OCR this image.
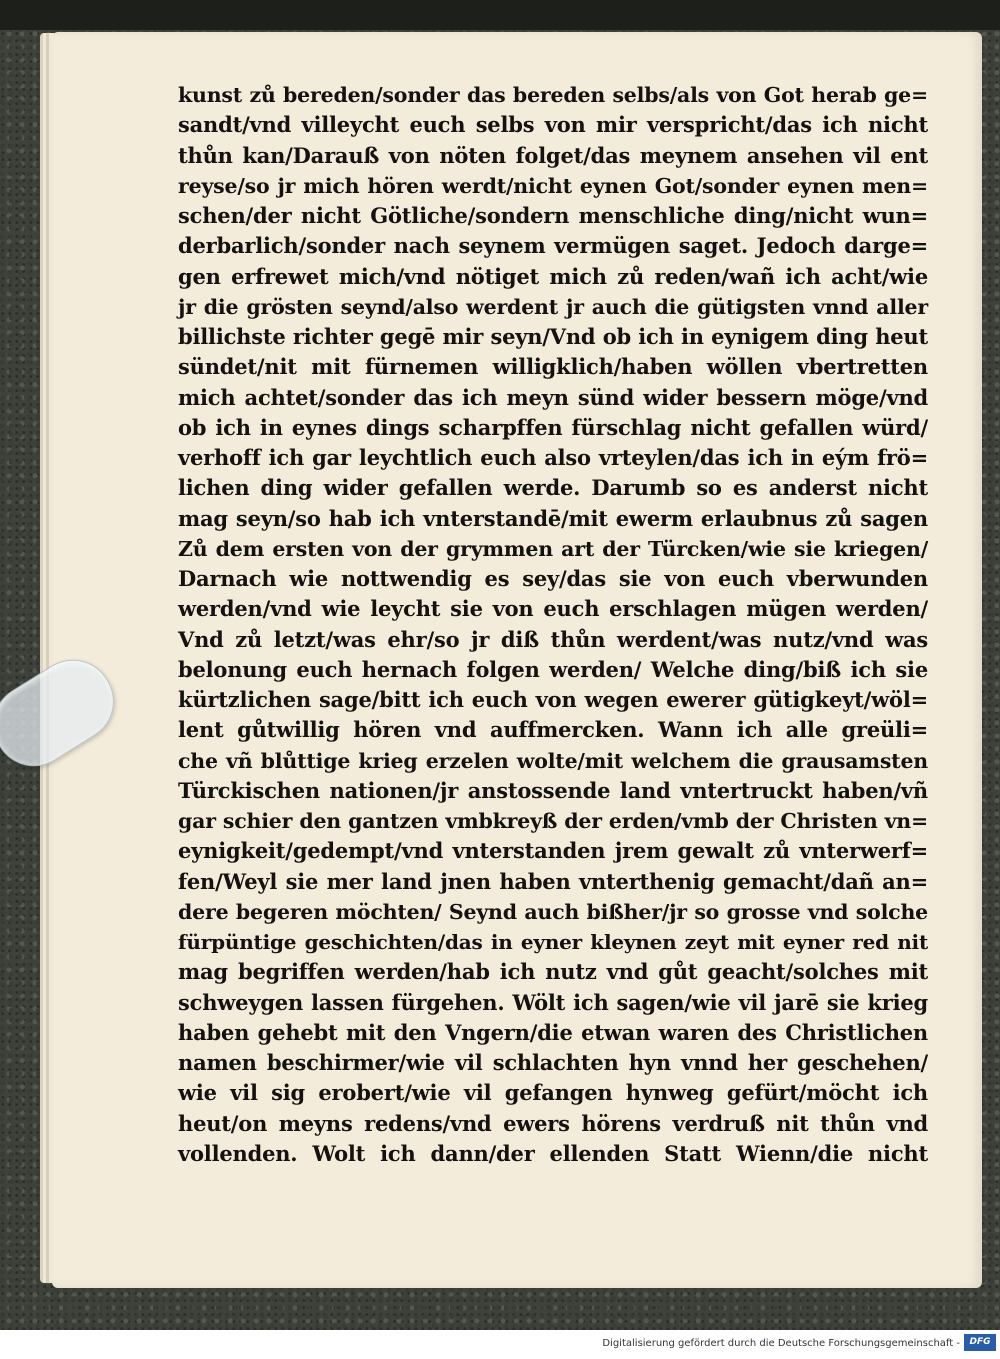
kunst zů bereden/sonder das bereden selbs/als von Got herab ge=
sandt/vnd villeycht euch selbs von mir verspricht/das ich nicht
thůn kan/Darauß von nöten folget/das meynem ansehen vil ent
reyse/so jr mich hören werdt/nicht eynen Got/sonder eynen men=
schen/der nicht Götliche/sondern menschliche ding/nicht wun=
derbarlich/sonder nach seynem vermügen saget. Jedoch darge=
gen erfrewet mich/vnd nötiget mich zů reden/wañ ich acht/wie
jr die grösten seynd/also werdent jr auch die gütigsten vnnd aller
billichste richter gegē mir seyn/Vnd ob ich in eynigem ding heut
sündet/nit mit fürnemen willigklich/haben wöllen vbertretten
mich achtet/sonder das ich meyn sünd wider bessern möge/vnd
ob ich in eynes dings scharpffen fürschlag nicht gefallen würd/
verhoff ich gar leychtlich euch also vrteylen/das ich in eým frö=
lichen ding wider gefallen werde. Darumb so es anderst nicht
mag seyn/so hab ich vnterstandē/mit ewerm erlaubnus zů sagen
Zů dem ersten von der grymmen art der Türcken/wie sie kriegen/
Darnach wie nottwendig es sey/das sie von euch vberwunden
werden/vnd wie leycht sie von euch erschlagen mügen werden/
Vnd zů letzt/was ehr/so jr diß thůn werdent/was nutz/vnd was
belonung euch hernach folgen werden/ Welche ding/biß ich sie
kürtzlichen sage/bitt ich euch von wegen ewerer gütigkeyt/wöl=
lent gůtwillig hören vnd auffmercken. Wann ich alle greüli=
che vñ blůttige krieg erzelen wolte/mit welchem die grausamsten
Türckischen nationen/jr anstossende land vntertruckt haben/vñ
gar schier den gantzen vmbkreyß der erden/vmb der Christen vn=
eynigkeit/gedempt/vnd vnterstanden jrem gewalt zů vnterwerf=
fen/Weyl sie mer land jnen haben vnterthenig gemacht/dañ an=
dere begeren möchten/ Seynd auch bißher/jr so grosse vnd solche
fürpüntige geschichten/das in eyner kleynen zeyt mit eyner red nit
mag begriffen werden/hab ich nutz vnd gůt geacht/solches mit
schweygen lassen fürgehen. Wölt ich sagen/wie vil jarē sie krieg
haben gehebt mit den Vngern/die etwan waren des Christlichen
namen beschirmer/wie vil schlachten hyn vnnd her geschehen/
wie vil sig erobert/wie vil gefangen hynweg gefürt/möcht ich
heut/on meyns redens/vnd ewers hörens verdruß nit thůn vnd
vollenden. Wolt ich dann/der ellenden Statt Wienn/die nicht
Digitalisierung gefördert durch die Deutsche Forschungsgemeinschaft -	DFG
